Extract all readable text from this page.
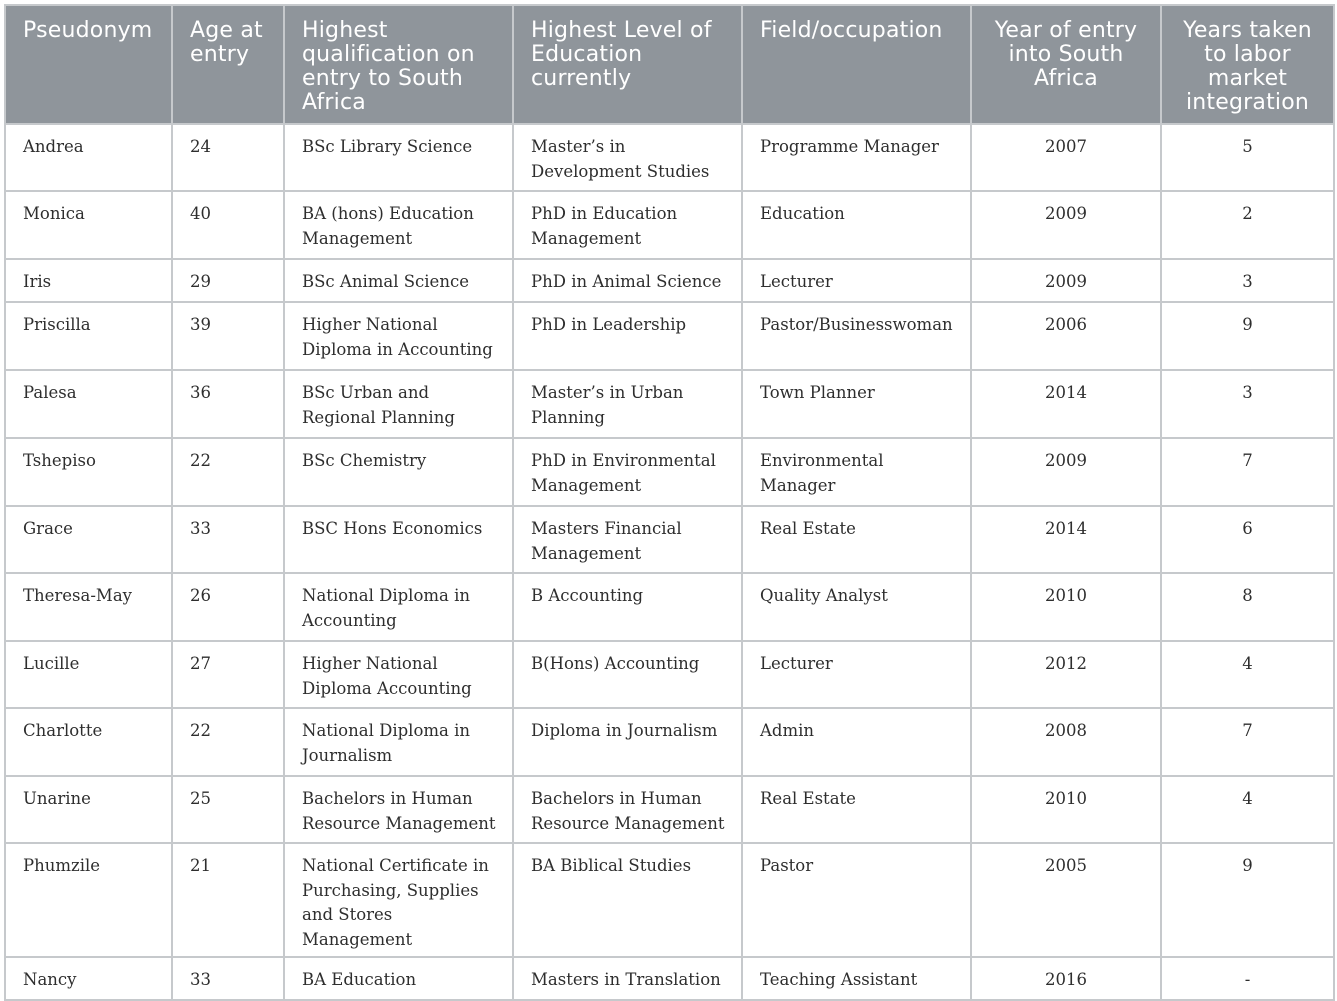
Pseudonym	Age at entry	Highest qualification on entry to South Africa	Highest Level of Education currently	Field/occupation	Year of entry into South Africa	Years taken to labor market integration
Andrea	24	BSc Library Science	Master’s in Development Studies	Programme Manager	2007	5
Monica	40	BA (hons) Education Management	PhD in Education Management	Education	2009	2
Iris	29	BSc Animal Science	PhD in Animal Science	Lecturer	2009	3
Priscilla	39	Higher National Diploma in Accounting	PhD in Leadership	Pastor/Businesswoman	2006	9
Palesa	36	BSc Urban and Regional Planning	Master’s in Urban Planning	Town Planner	2014	3
Tshepiso	22	BSc Chemistry	PhD in Environmental Management	Environmental Manager	2009	7
Grace	33	BSC Hons Economics	Masters Financial Management	Real Estate	2014	6
Theresa-May	26	National Diploma in Accounting	B Accounting	Quality Analyst	2010	8
Lucille	27	Higher National Diploma Accounting	B(Hons) Accounting	Lecturer	2012	4
Charlotte	22	National Diploma in Journalism	Diploma in Journalism	Admin	2008	7
Unarine	25	Bachelors in Human Resource Management	Bachelors in Human Resource Management	Real Estate	2010	4
Phumzile	21	National Certificate in Purchasing, Supplies and Stores Management	BA Biblical Studies	Pastor	2005	9
Nancy	33	BA Education	Masters in Translation	Teaching Assistant	2016	-
